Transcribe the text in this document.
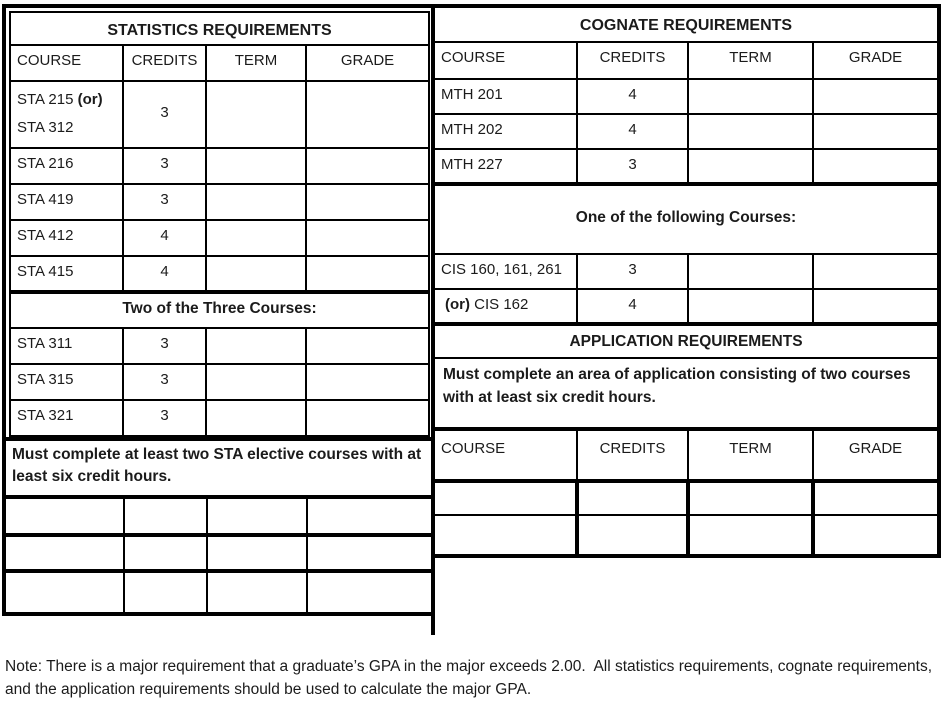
STATISTICS REQUIREMENTS			
COURSE	CREDITS	TERM	GRADE

STA 215 (or)
STA 312	3		
STA 216	3		
STA 419	3		
STA 412	4		
STA 415	4		
Two of the Three Courses:			
STA 311	3		
STA 315	3		
STA 321	3		
Must complete at least two STA elective courses with at least six credit hours.

COGNATE REQUIREMENTS			
COURSE	CREDITS	TERM	GRADE
MTH 201	4		
MTH 202	4		
MTH 227	3		
One of the following Courses:			
CIS 160, 161, 261	3		
(or) CIS 162	4		
APPLICATION REQUIREMENTS			
Must complete an area of application consisting of two courses with at least six credit hours.			
COURSE	CREDITS	TERM	GRADE

Note: There is a major requirement that a graduate’s GPA in the major exceeds 2.00.  All statistics requirements, cognate requirements, and the application requirements should be used to calculate the major GPA.
